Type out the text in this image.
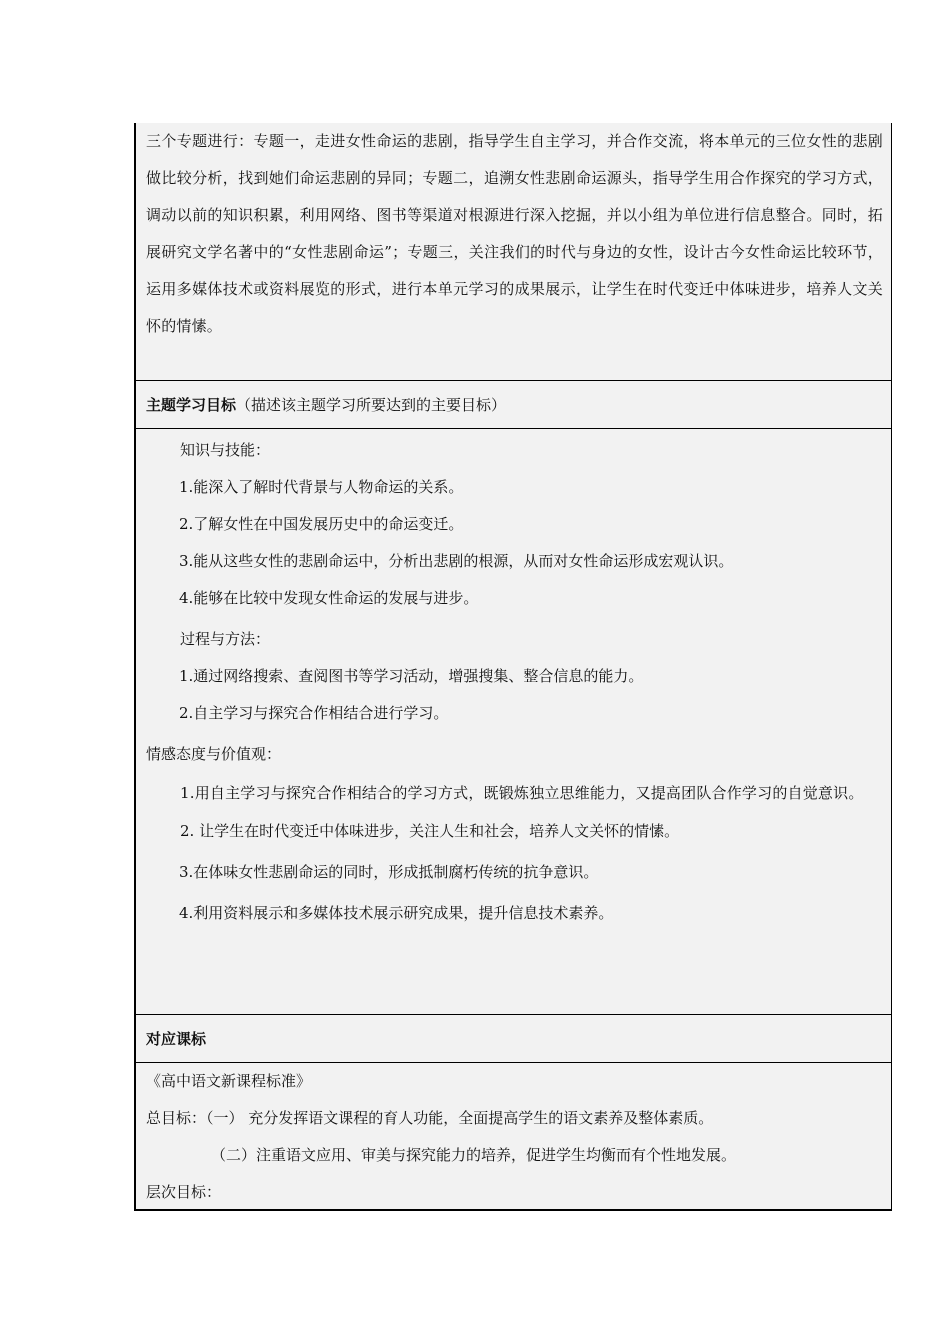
三个专题进行：专题一，走进女性命运的悲剧，指导学生自主学习，并合作交流，将本单元的三位女性的悲剧做比较分析，找到她们命运悲剧的异同；专题二，追溯女性悲剧命运源头，指导学生用合作探究的学习方式，调动以前的知识积累，利用网络、图书等渠道对根源进行深入挖掘，并以小组为单位进行信息整合。同时，拓展研究文学名著中的“女性悲剧命运”；专题三，关注我们的时代与身边的女性，设计古今女性命运比较环节，运用多媒体技术或资料展览的形式，进行本单元学习的成果展示，让学生在时代变迁中体味进步，培养人文关怀的情愫。
主题学习目标（描述该主题学习所要达到的主要目标）
知识与技能：
1.能深入了解时代背景与人物命运的关系。
2.了解女性在中国发展历史中的命运变迁。
3.能从这些女性的悲剧命运中，分析出悲剧的根源，从而对女性命运形成宏观认识。
4.能够在比较中发现女性命运的发展与进步。
过程与方法：
1.通过网络搜索、查阅图书等学习活动，增强搜集、整合信息的能力。
2.自主学习与探究合作相结合进行学习。
情感态度与价值观：
1.用自主学习与探究合作相结合的学习方式，既锻炼独立思维能力，又提高团队合作学习的自觉意识。
2. 让学生在时代变迁中体味进步，关注人生和社会，培养人文关怀的情愫。
3.在体味女性悲剧命运的同时，形成抵制腐朽传统的抗争意识。
4.利用资料展示和多媒体技术展示研究成果，提升信息技术素养。
对应课标
《高中语文新课程标准》
总目标：（一） 充分发挥语文课程的育人功能，全面提高学生的语文素养及整体素质。
（二）注重语文应用、审美与探究能力的培养，促进学生均衡而有个性地发展。
层次目标：
